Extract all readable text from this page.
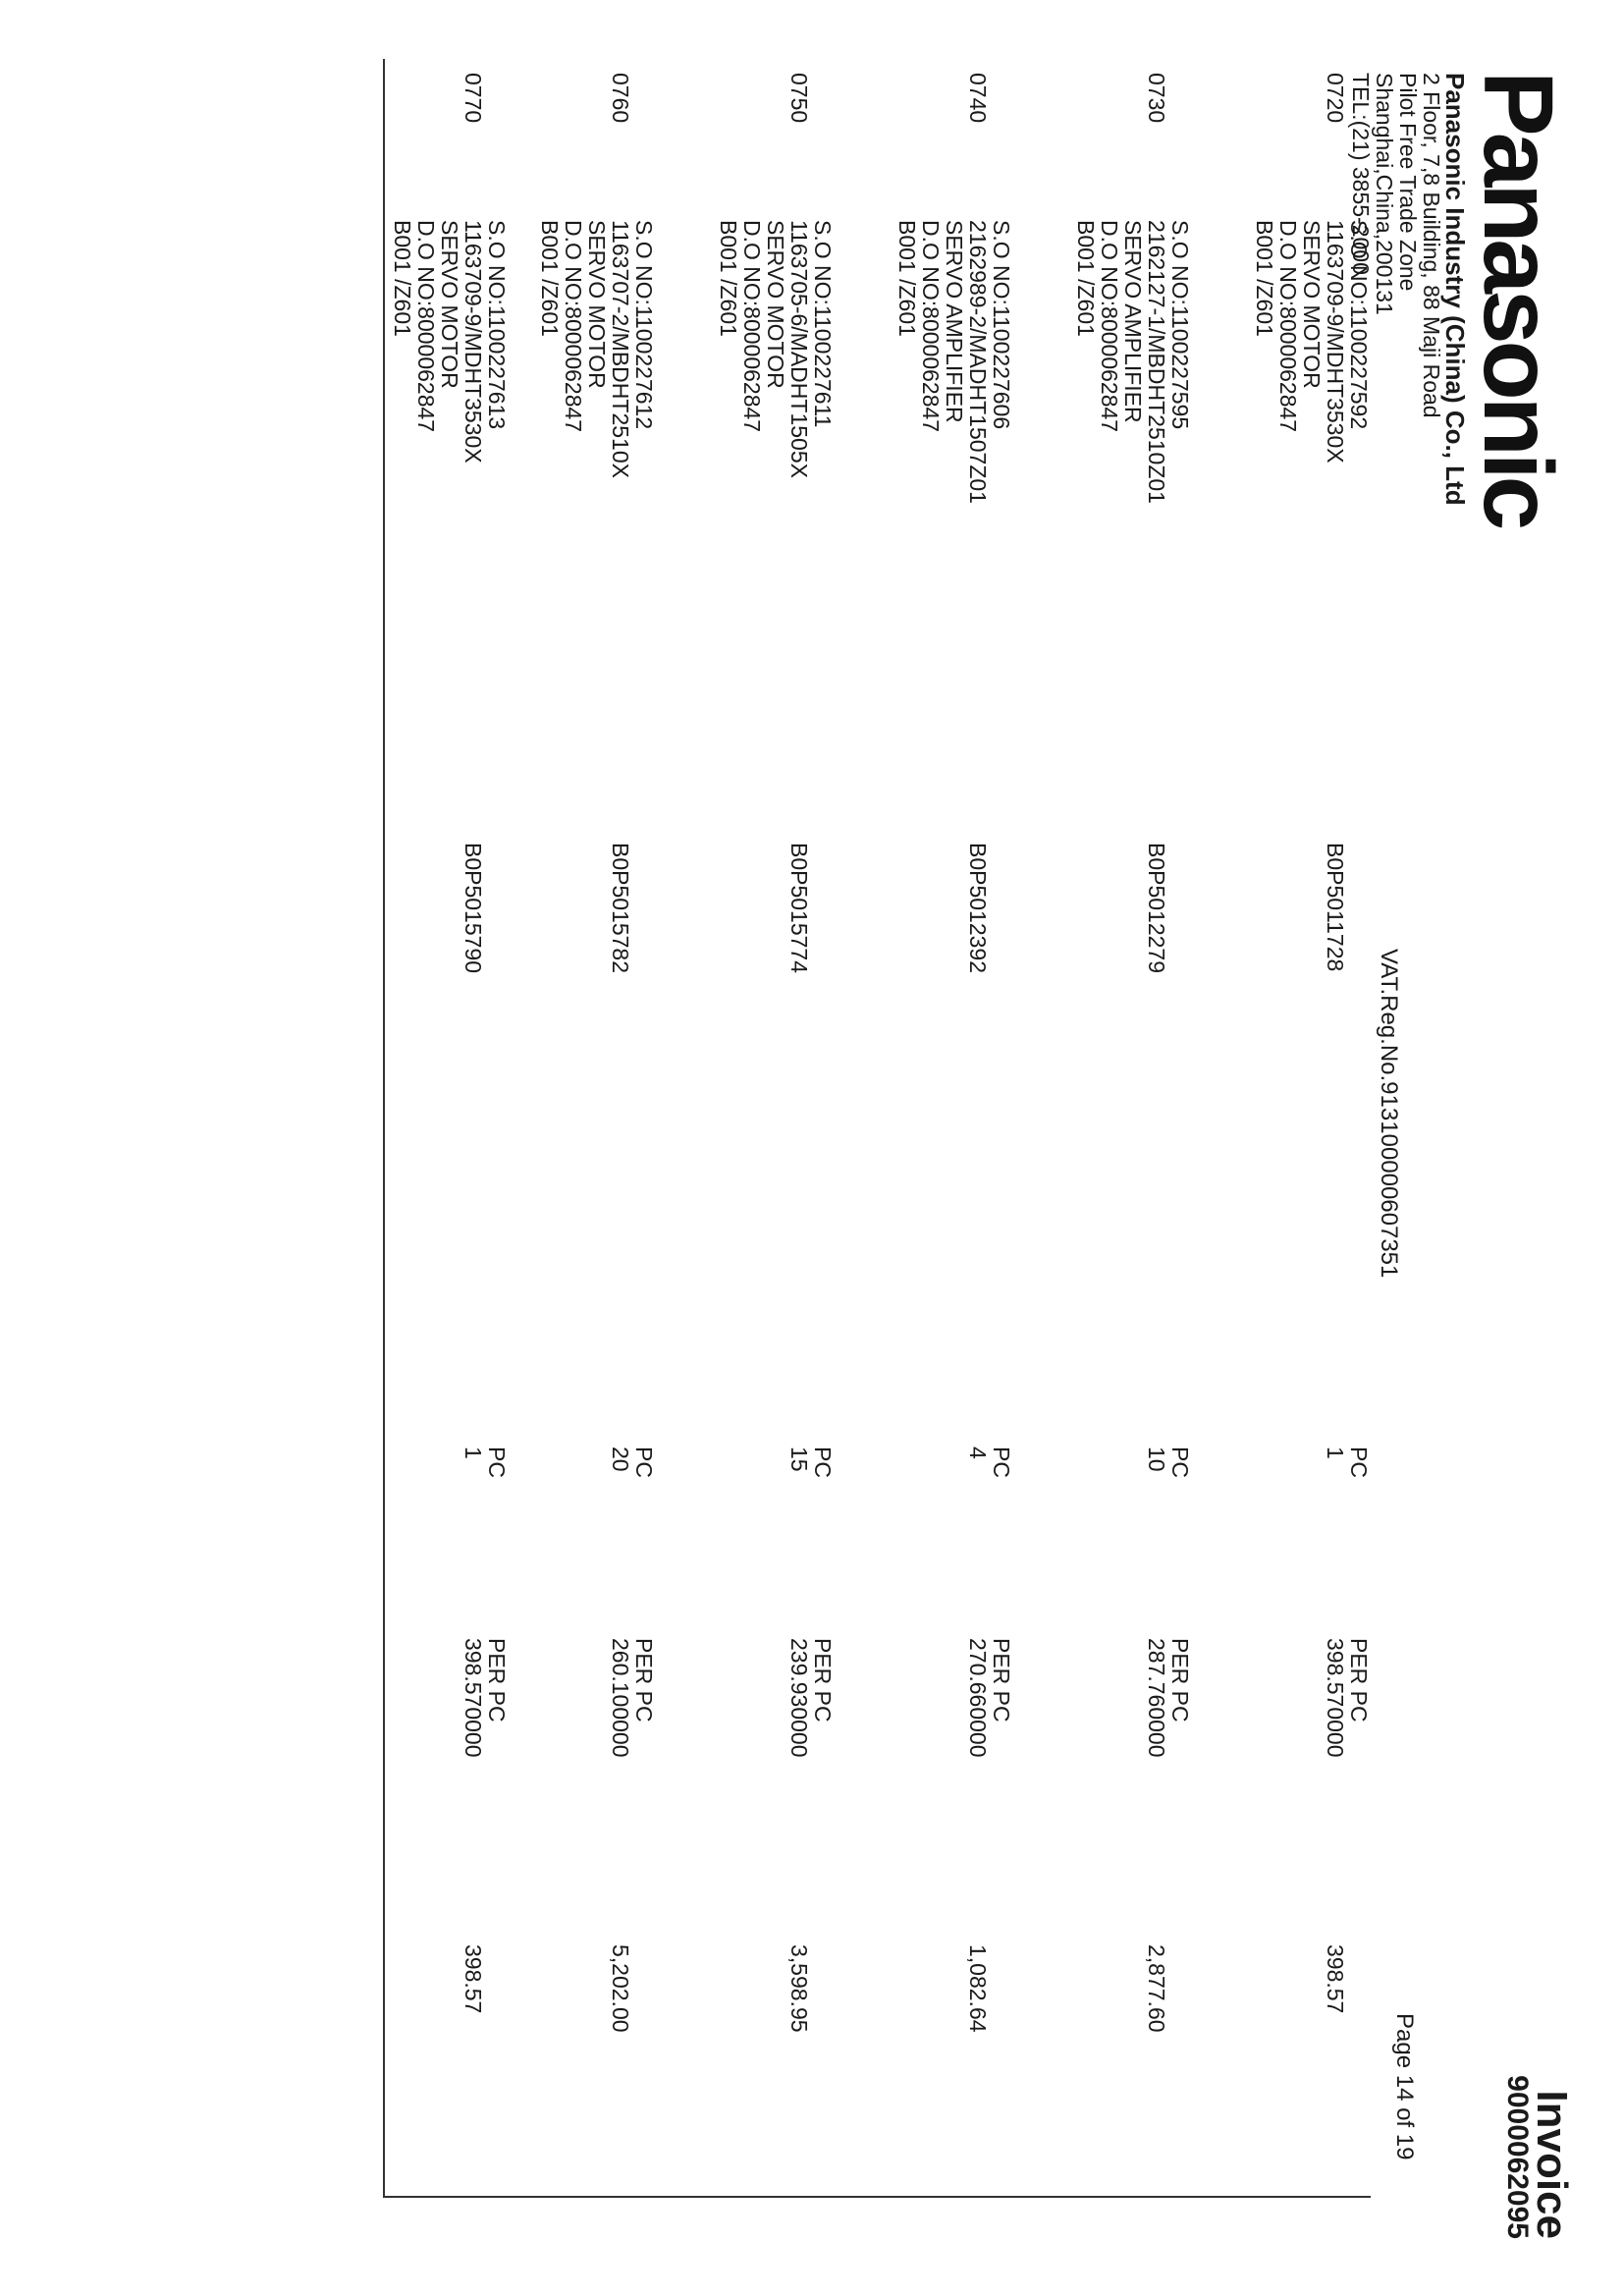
Panasonic
Panasonic Industry (China) Co., Ltd
2 Floor, 7,8 Building, 88 Maji Road
Pilot Free Trade Zone
Shanghai,China,200131
TEL:(21) 3855-2000
VAT.Reg.No.913100000607351
Invoice
9000062095
Page 14 of 19
0720
S.O NO:1100227592
1163709-9/MDHT3530X
SERVO MOTOR
D.O NO:8000062847
B001 /Z601
B0P5011728
PC
1
PER PC
398.570000
398.57
0730
S.O NO:1100227595
2162127-1/MBDHT2510Z01
SERVO AMPLIFIER
D.O NO:8000062847
B001 /Z601
B0P5012279
PC
10
PER PC
287.760000
2,877.60
0740
S.O NO:1100227606
2162989-2/MADHT1507Z01
SERVO AMPLIFIER
D.O NO:8000062847
B001 /Z601
B0P5012392
PC
4
PER PC
270.660000
1,082.64
0750
S.O NO:1100227611
1163705-6/MADHT1505X
SERVO MOTOR
D.O NO:8000062847
B001 /Z601
B0P5015774
PC
15
PER PC
239.930000
3,598.95
0760
S.O NO:1100227612
1163707-2/MBDHT2510X
SERVO MOTOR
D.O NO:8000062847
B001 /Z601
B0P5015782
PC
20
PER PC
260.100000
5,202.00
0770
S.O NO:1100227613
1163709-9/MDHT3530X
SERVO MOTOR
D.O NO:8000062847
B001 /Z601
B0P5015790
PC
1
PER PC
398.570000
398.57
